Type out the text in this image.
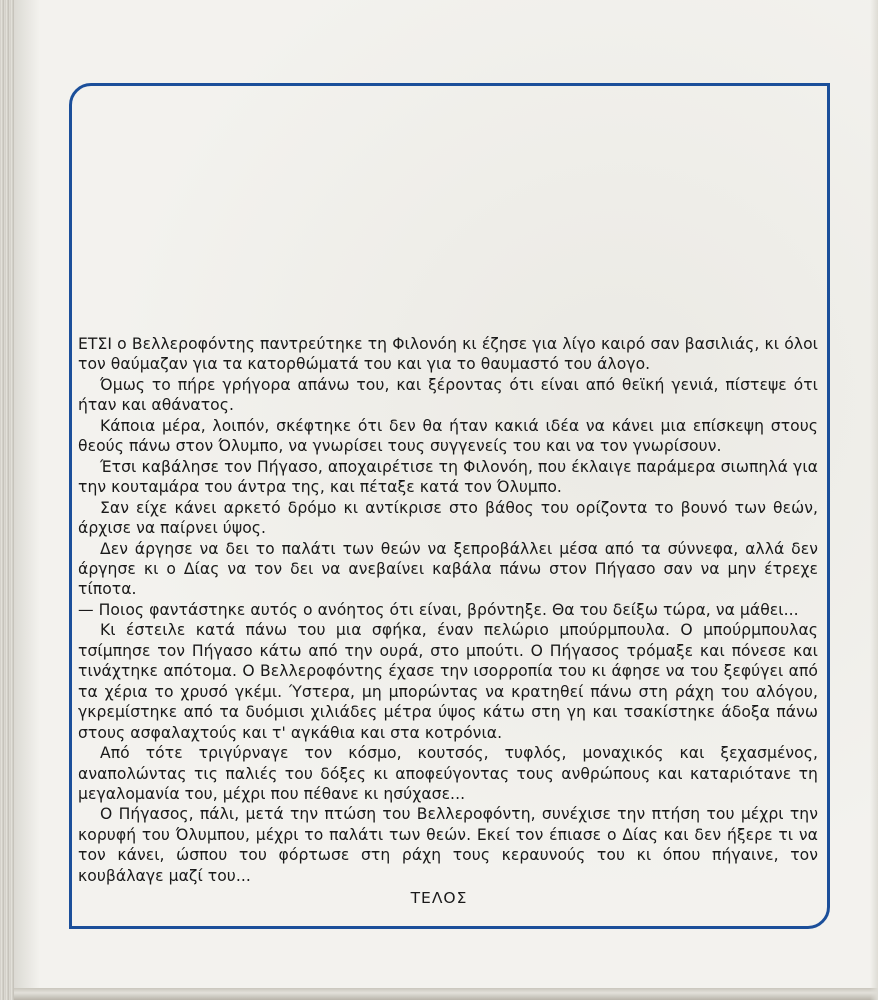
ΕΤΣΙ ο Βελλεροφόντης παντρεύτηκε τη Φιλονόη κι έζησε για λίγο καιρό σαν βασιλιάς, κι όλοι τον θαύμαζαν για τα κατορθώματά του και για το θαυμαστό του άλογο.

Όμως το πήρε γρήγορα απάνω του, και ξέροντας ότι είναι από θεϊκή γενιά, πίστεψε ότι ήταν και αθάνατος.

Κάποια μέρα, λοιπόν, σκέφτηκε ότι δεν θα ήταν κακιά ιδέα να κάνει μια επίσκεψη στους θεούς πάνω στον Όλυμπο, να γνωρίσει τους συγγενείς του και να τον γνωρίσουν.

Έτσι καβάλησε τον Πήγασο, αποχαιρέτισε τη Φιλονόη, που έκλαιγε παράμερα σιωπηλά για την κουταμάρα του άντρα της, και πέταξε κατά τον Όλυμπο.

Σαν είχε κάνει αρκετό δρόμο κι αντίκρισε στο βάθος του ορίζοντα το βουνό των θεών, άρχισε να παίρνει ύψος.

Δεν άργησε να δει το παλάτι των θεών να ξεπροβάλλει μέσα από τα σύννεφα, αλλά δεν άργησε κι ο Δίας να τον δει να ανεβαίνει καβάλα πάνω στον Πήγασο σαν να μην έτρεχε τίποτα.

— Ποιος φαντάστηκε αυτός ο ανόητος ότι είναι, βρόντηξε. Θα του δείξω τώρα, να μάθει...

Κι έστειλε κατά πάνω του μια σφήκα, έναν πελώριο μπούρμπουλα. Ο μπούρμπουλας τσίμπησε τον Πήγασο κάτω από την ουρά, στο μπούτι. Ο Πήγασος τρόμαξε και πόνεσε και τινάχτηκε απότομα. Ο Βελλεροφόντης έχασε την ισορροπία του κι άφησε να του ξεφύγει από τα χέρια το χρυσό γκέμι. Ύστερα, μη μπορώντας να κρατηθεί πάνω στη ράχη του αλόγου, γκρεμίστηκε από τα δυόμισι χιλιάδες μέτρα ύψος κάτω στη γη και τσακίστηκε άδοξα πάνω στους ασφαλαχτούς και τ' αγκάθια και στα κοτρόνια.

Από τότε τριγύρναγε τον κόσμο, κουτσός, τυφλός, μοναχικός και ξεχασμένος, αναπολώντας τις παλιές του δόξες κι αποφεύγοντας τους ανθρώπους και καταριότανε τη μεγαλομανία του, μέχρι που πέθανε κι ησύχασε...

Ο Πήγασος, πάλι, μετά την πτώση του Βελλεροφόντη, συνέχισε την πτήση του μέχρι την κορυφή του Όλυμπου, μέχρι το παλάτι των θεών. Εκεί τον έπιασε ο Δίας και δεν ήξερε τι να τον κάνει, ώσπου του φόρτωσε στη ράχη τους κεραυνούς του κι όπου πήγαινε, τον κουβάλαγε μαζί του...

ΤΕΛΟΣ
